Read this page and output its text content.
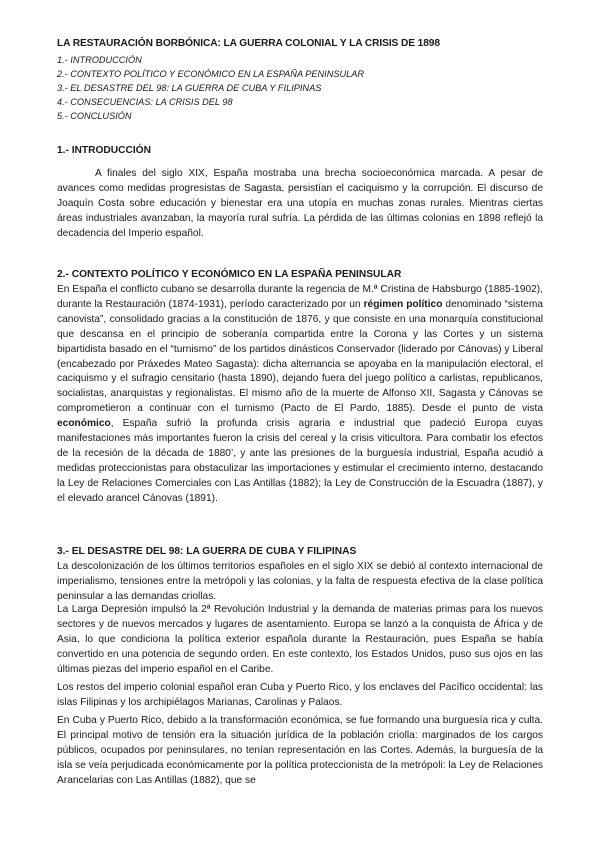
LA RESTAURACIÓN BORBÓNICA: LA GUERRA COLONIAL Y LA CRISIS DE 1898
1.- INTRODUCCIÓN
2.- CONTEXTO POLÍTICO Y ECONÓMICO EN LA ESPAÑA PENINSULAR
3.- EL DESASTRE DEL 98: LA GUERRA DE CUBA Y FILIPINAS
4.- CONSECUENCIAS: LA CRISIS DEL 98
5.- CONCLUSIÓN
1.- INTRODUCCIÓN
A finales del siglo XIX, España mostraba una brecha socioeconómica marcada. A pesar de avances como medidas progresistas de Sagasta, persistían el caciquismo y la corrupción. El discurso de Joaquín Costa sobre educación y bienestar era una utopía en muchas zonas rurales. Mientras ciertas áreas industriales avanzaban, la mayoría rural sufría. La pérdida de las últimas colonias en 1898 reflejó la decadencia del Imperio español.
2.- CONTEXTO POLÍTICO Y ECONÓMICO EN LA ESPAÑA PENINSULAR
En España el conflicto cubano se desarrolla durante la regencia de M.ª Cristina de Habsburgo (1885-1902), durante la Restauración (1874-1931), período caracterizado por un régimen político denominado “sistema canovista”, consolidado gracias a la constitución de 1876, y que consiste en una monarquía constitucional que descansa en el principio de soberanía compartida entre la Corona y las Cortes y un sistema bipartidista basado en el “turnismo” de los partidos dinásticos Conservador (liderado por Cánovas) y Liberal (encabezado por Práxedes Mateo Sagasta): dicha alternancia se apoyaba en la manipulación electoral, el caciquismo y el sufragio censitario (hasta 1890), dejando fuera del juego político a carlistas, republicanos, socialistas, anarquistas y regionalistas. El mismo año de la muerte de Alfonso XII, Sagasta y Cánovas se comprometieron a continuar con el turnismo (Pacto de El Pardo, 1885). Desde el punto de vista económico, España sufrió la profunda crisis agraria e industrial que padeció Europa cuyas manifestaciones más importantes fueron la crisis del cereal y la crisis viticultora. Para combatir los efectos de la recesión de la década de 1880’, y ante las presiones de la burguesía industrial, España acudió a medidas proteccionistas para obstaculizar las importaciones y estimular el crecimiento interno, destacando la Ley de Relaciones Comerciales con Las Antillas (1882); la Ley de Construcción de la Escuadra (1887), y el elevado arancel Cánovas (1891).
3.- EL DESASTRE DEL 98: LA GUERRA DE CUBA Y FILIPINAS
La descolonización de los últimos territorios españoles en el siglo XIX se debió al contexto internacional de imperialismo, tensiones entre la metrópoli y las colonias, y la falta de respuesta efectiva de la clase política peninsular a las demandas criollas.
La Larga Depresión impulsó la 2ª Revolución Industrial y la demanda de materias primas para los nuevos sectores y de nuevos mercados y lugares de asentamiento. Europa se lanzó a la conquista de África y de Asia, lo que condiciona la política exterior española durante la Restauración, pues España se había convertido en una potencia de segundo orden. En este contexto, los Estados Unidos, puso sus ojos en las últimas piezas del imperio español en el Caribe.
Los restos del imperio colonial español eran Cuba y Puerto Rico, y los enclaves del Pacífico occidental: las islas Filipinas y los archipiélagos Marianas, Carolinas y Palaos.
En Cuba y Puerto Rico, debido a la transformación económica, se fue formando una burguesía rica y culta. El principal motivo de tensión era la situación jurídica de la población criolla: marginados de los cargos públicos, ocupados por peninsulares, no tenían representación en las Cortes. Además, la burguesía de la isla se veía perjudicada económicamente por la política proteccionista de la metrópoli: la Ley de Relaciones Arancelarias con Las Antillas (1882), que se
